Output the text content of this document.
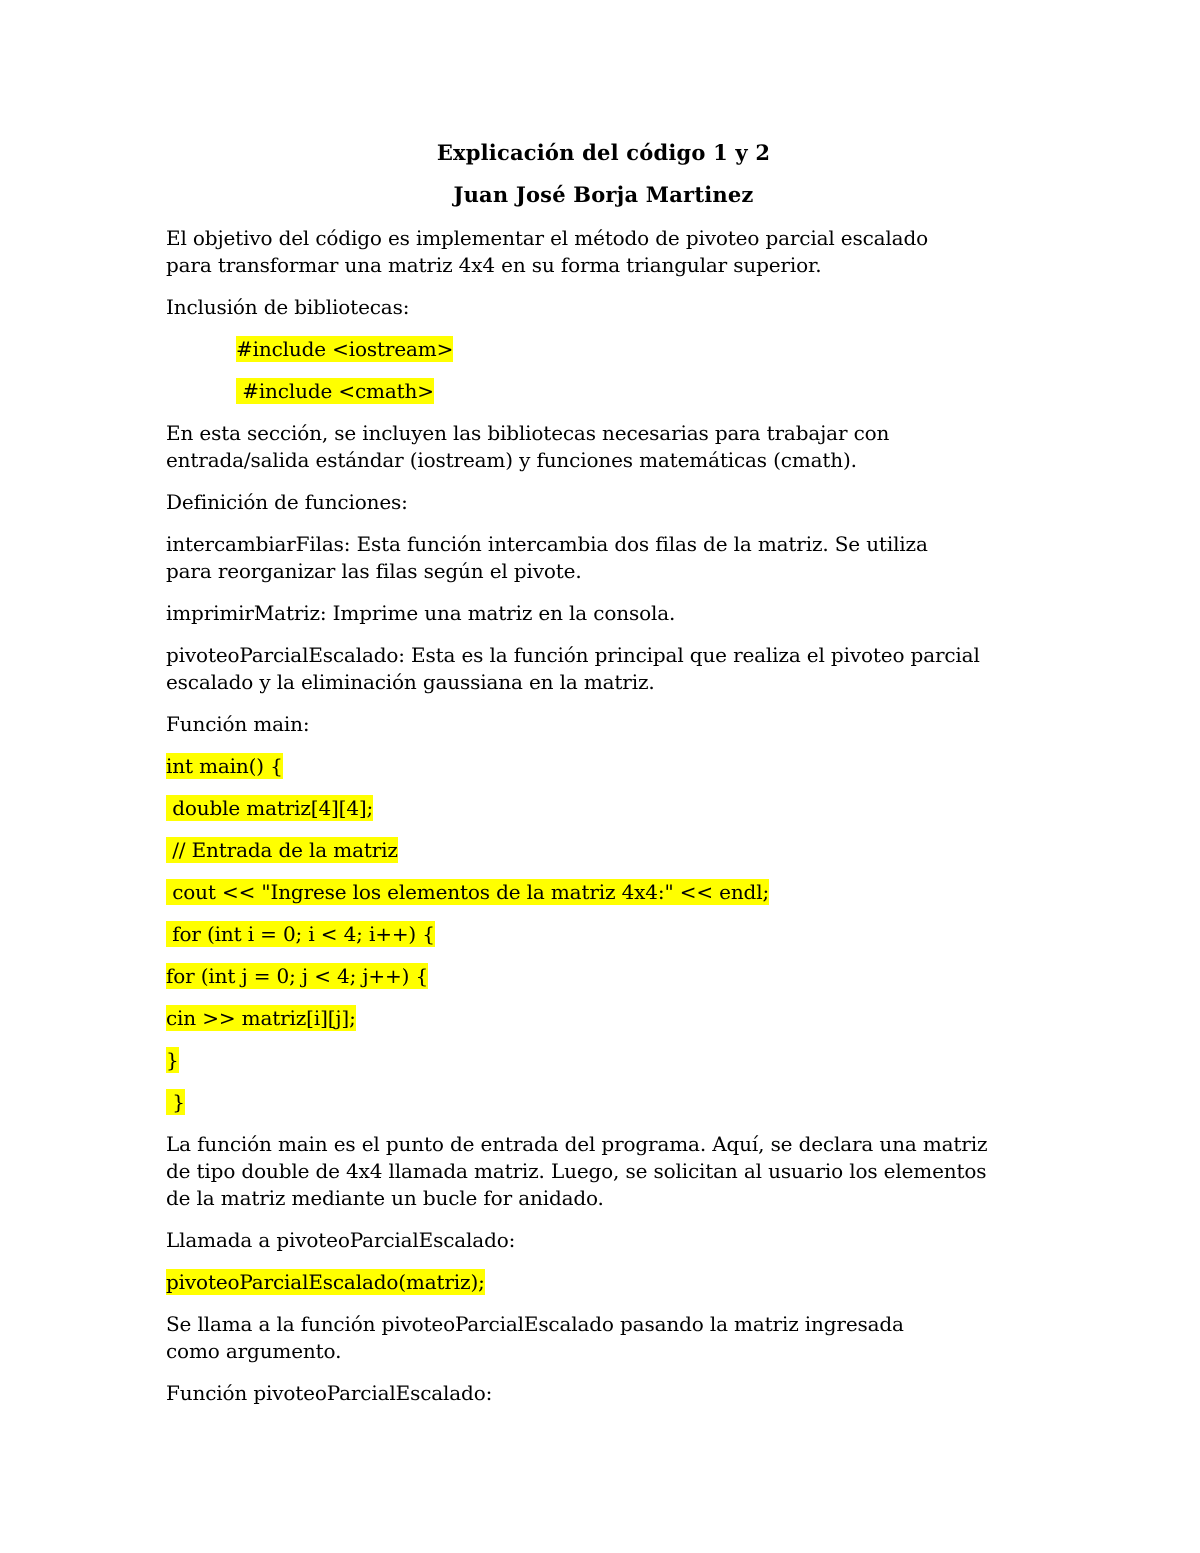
Explicación del código 1 y 2
Juan José Borja Martinez

El objetivo del código es implementar el método de pivoteo parcial escalado para transformar una matriz 4x4 en su forma triangular superior.

Inclusión de bibliotecas:

#include <iostream>

#include <cmath>

En esta sección, se incluyen las bibliotecas necesarias para trabajar con entrada/salida estándar (iostream) y funciones matemáticas (cmath).

Definición de funciones:

intercambiarFilas: Esta función intercambia dos filas de la matriz. Se utiliza para reorganizar las filas según el pivote.

imprimirMatriz: Imprime una matriz en la consola.

pivoteoParcialEscalado: Esta es la función principal que realiza el pivoteo parcial escalado y la eliminación gaussiana en la matriz.

Función main:

int main() {

double matriz[4][4];

// Entrada de la matriz

cout << "Ingrese los elementos de la matriz 4x4:" << endl;

for (int i = 0; i < 4; i++) {

for (int j = 0; j < 4; j++) {

cin >> matriz[i][j];

}

}

La función main es el punto de entrada del programa. Aquí, se declara una matriz de tipo double de 4x4 llamada matriz. Luego, se solicitan al usuario los elementos de la matriz mediante un bucle for anidado.

Llamada a pivoteoParcialEscalado:

pivoteoParcialEscalado(matriz);

Se llama a la función pivoteoParcialEscalado pasando la matriz ingresada como argumento.

Función pivoteoParcialEscalado:
